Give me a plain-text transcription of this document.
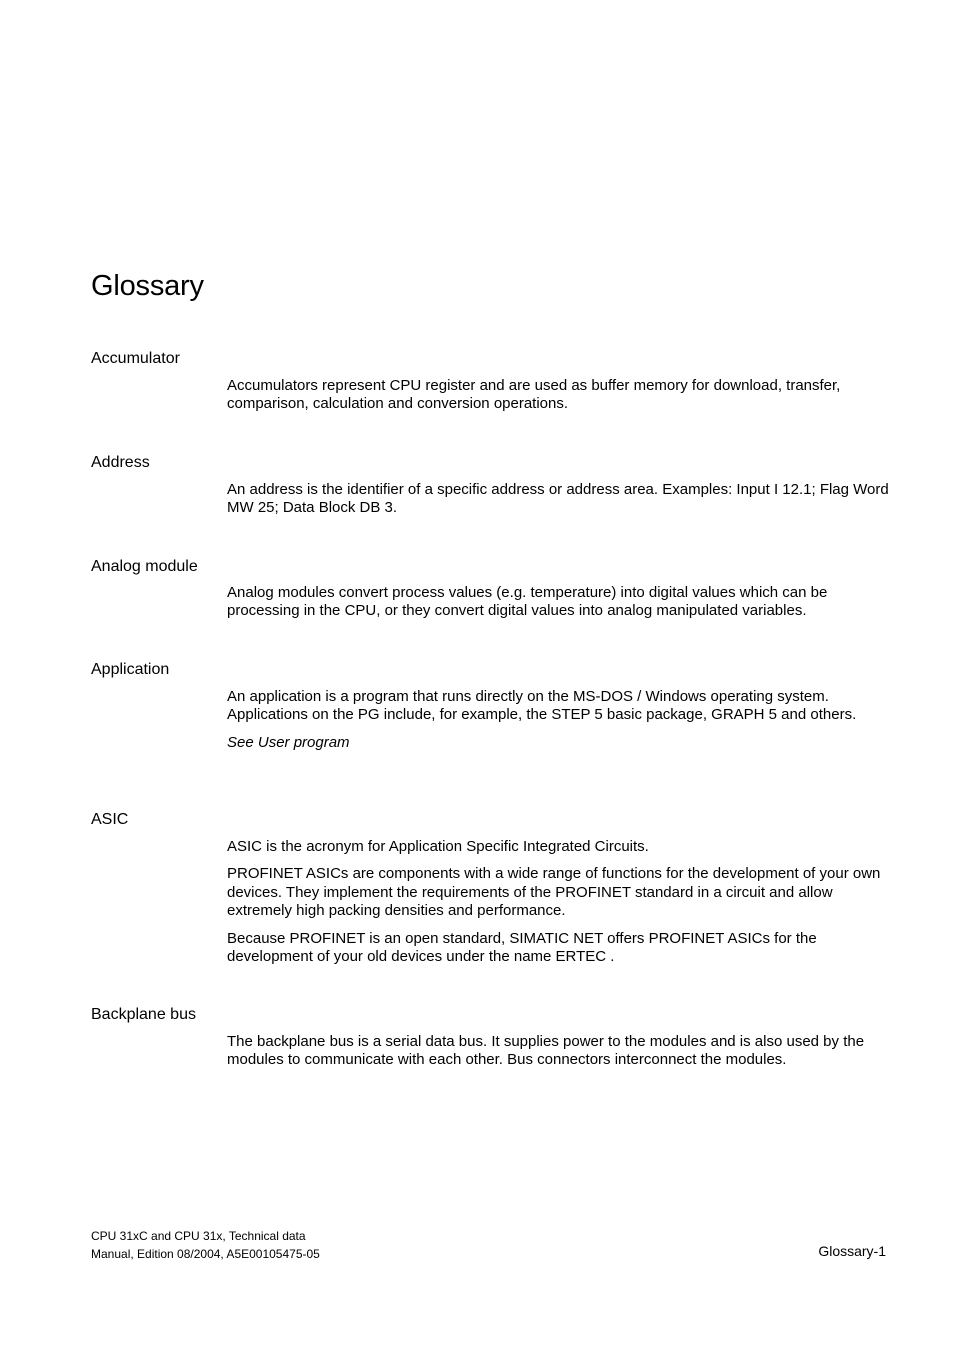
Glossary
Accumulator

Accumulators represent CPU register and are used as buffer memory for download, transfer, comparison, calculation and conversion operations.

Address

An address is the identifier of a specific address or address area. Examples: Input I 12.1; Flag Word MW 25; Data Block DB 3.

Analog module

Analog modules convert process values (e.g. temperature) into digital values which can be processing in the CPU, or they convert digital values into analog manipulated variables.

Application

An application is a program that runs directly on the MS-DOS / Windows operating system. Applications on the PG include, for example, the STEP 5 basic package, GRAPH 5 and others.

See User program

ASIC

ASIC is the acronym for Application Specific Integrated Circuits.

PROFINET ASICs are components with a wide range of functions for the development of your own devices. They implement the requirements of the PROFINET standard in a circuit and allow extremely high packing densities and performance.

Because PROFINET is an open standard, SIMATIC NET offers PROFINET ASICs for the development of your old devices under the name ERTEC .

Backplane bus

The backplane bus is a serial data bus. It supplies power to the modules and is also used by the modules to communicate with each other. Bus connectors interconnect the modules.

CPU 31xC and CPU 31x, Technical data
Manual, Edition 08/2004, A5E00105475-05	Glossary-1
